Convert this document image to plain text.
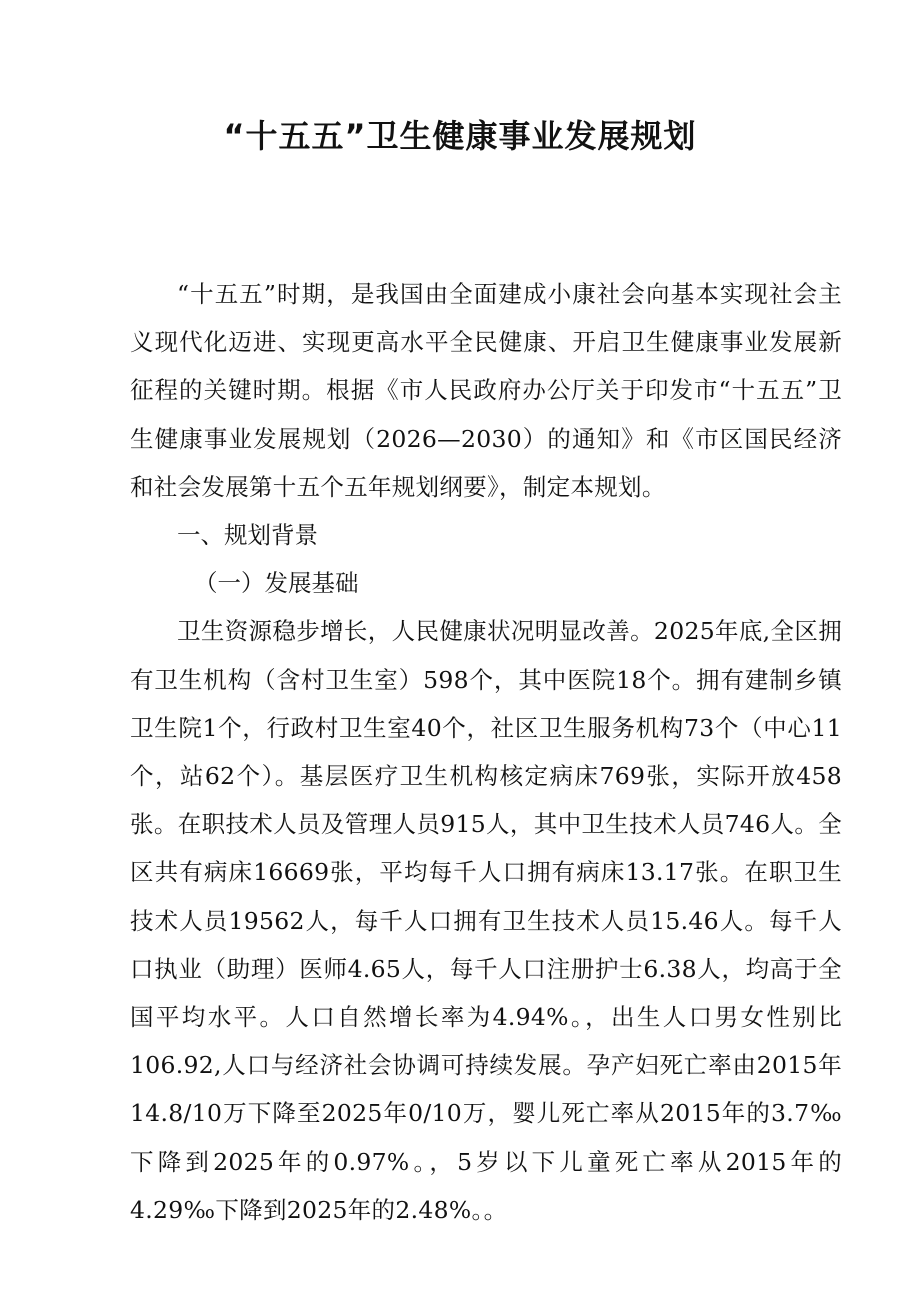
“十五五”卫生健康事业发展规划

“十五五”时期，是我国由全面建成小康社会向基本实现社会主义现代化迈进、实现更高水平全民健康、开启卫生健康事业发展新征程的关键时期。根据《市人民政府办公厅关于印发市“十五五”卫生健康事业发展规划（2026—2030）的通知》和《市区国民经济和社会发展第十五个五年规划纲要》，制定本规划。

一、规划背景

（一）发展基础

卫生资源稳步增长，人民健康状况明显改善。2025年底,全区拥有卫生机构（含村卫生室）598个，其中医院18个。拥有建制乡镇卫生院1个，行政村卫生室40个，社区卫生服务机构73个（中心11个，站62个）。基层医疗卫生机构核定病床769张，实际开放458张。在职技术人员及管理人员915人，其中卫生技术人员746人。全区共有病床16669张，平均每千人口拥有病床13.17张。在职卫生技术人员19562人，每千人口拥有卫生技术人员15.46人。每千人口执业（助理）医师4.65人，每千人口注册护士6.38人，均高于全国平均水平。人口自然增长率为4.94%。，出生人口男女性别比106.92,人口与经济社会协调可持续发展。孕产妇死亡率由2015年14.8/10万下降至2025年0/10万，婴儿死亡率从2015年的3.7‰下降到2025年的0.97%。，5岁以下儿童死亡率从2015年的4.29‰下降到2025年的2.48%。。
